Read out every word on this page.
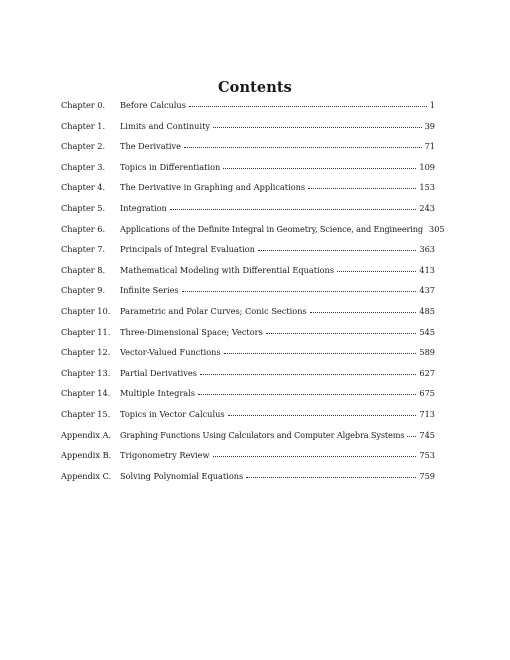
Contents
Chapter 0.	Before Calculus	1
Chapter 1.	Limits and Continuity	39
Chapter 2.	The Derivative	71
Chapter 3.	Topics in Differentiation	109
Chapter 4.	The Derivative in Graphing and Applications	153
Chapter 5.	Integration	243
Chapter 6.	Applications of the Definite Integral in Geometry, Science, and Engineering 305
Chapter 7.	Principals of Integral Evaluation	363
Chapter 8.	Mathematical Modeling with Differential Equations	413
Chapter 9.	Infinite Series	437
Chapter 10.	Parametric and Polar Curves; Conic Sections	485
Chapter 11.	Three-Dimensional Space; Vectors	545
Chapter 12.	Vector-Valued Functions	589
Chapter 13.	Partial Derivatives	627
Chapter 14.	Multiple Integrals	675
Chapter 15.	Topics in Vector Calculus	713
Appendix A.	Graphing Functions Using Calculators and Computer Algebra Systems 745
Appendix B.	Trigonometry Review	753
Appendix C.	Solving Polynomial Equations	759
